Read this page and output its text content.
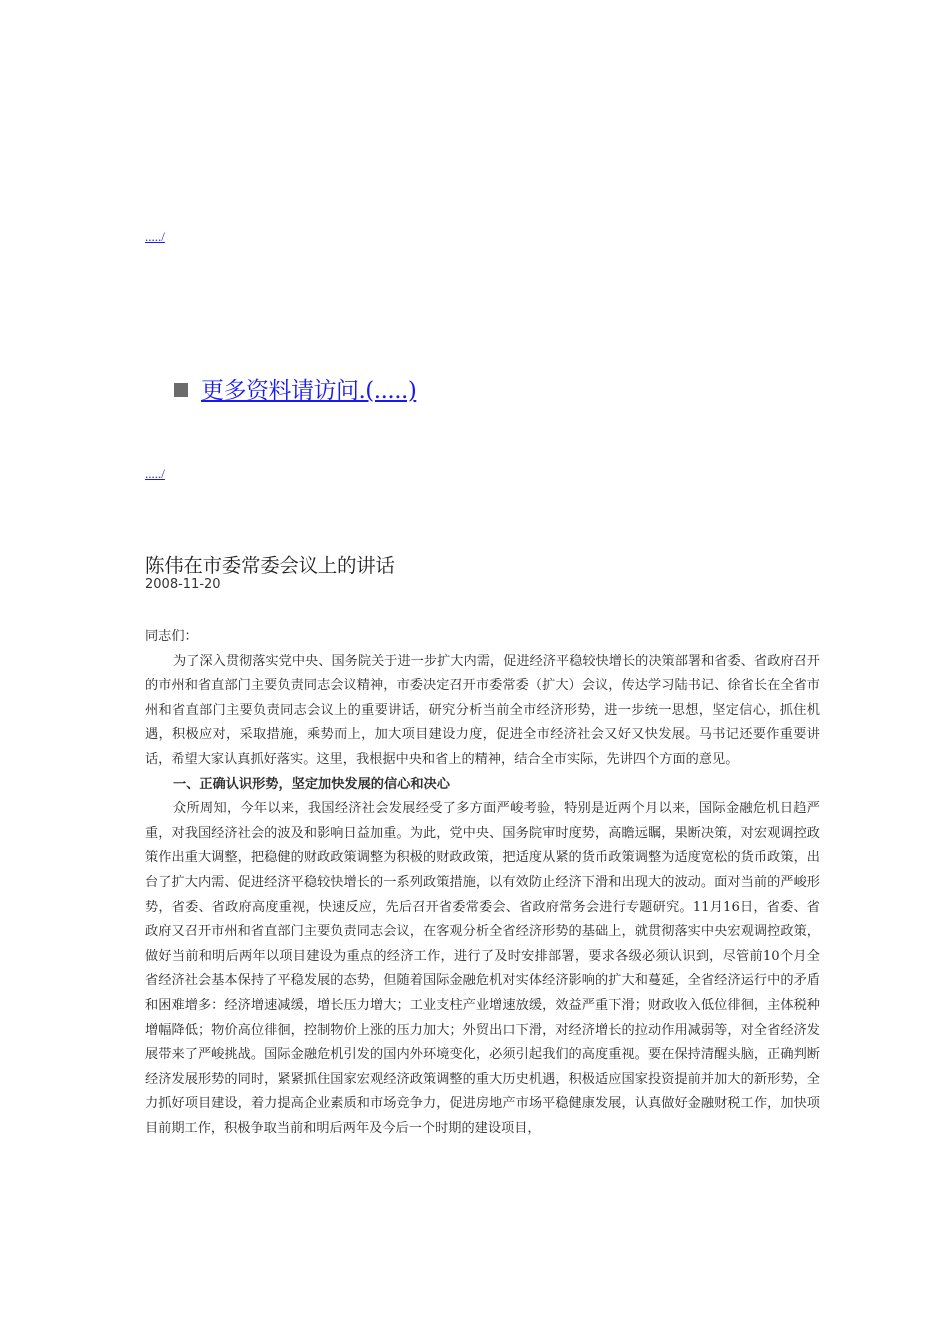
...../
更多资料请访问.(.....)
...../
陈伟在市委常委会议上的讲话
2008-11-20

同志们：

为了深入贯彻落实党中央、国务院关于进一步扩大内需，促进经济平稳较快增长的决策部署和省委、省政府召开的市州和省直部门主要负责同志会议精神，市委决定召开市委常委（扩大）会议，传达学习陆书记、徐省长在全省市州和省直部门主要负责同志会议上的重要讲话，研究分析当前全市经济形势，进一步统一思想，坚定信心，抓住机遇，积极应对，采取措施，乘势而上，加大项目建设力度，促进全市经济社会又好又快发展。马书记还要作重要讲话，希望大家认真抓好落实。这里，我根据中央和省上的精神，结合全市实际，先讲四个方面的意见。

一、正确认识形势，坚定加快发展的信心和决心

众所周知，今年以来，我国经济社会发展经受了多方面严峻考验，特别是近两个月以来，国际金融危机日趋严重，对我国经济社会的波及和影响日益加重。为此，党中央、国务院审时度势，高瞻远瞩，果断决策，对宏观调控政策作出重大调整，把稳健的财政政策调整为积极的财政政策，把适度从紧的货币政策调整为适度宽松的货币政策，出台了扩大内需、促进经济平稳较快增长的一系列政策措施，以有效防止经济下滑和出现大的波动。面对当前的严峻形势，省委、省政府高度重视，快速反应，先后召开省委常委会、省政府常务会进行专题研究。11月16日，省委、省政府又召开市州和省直部门主要负责同志会议，在客观分析全省经济形势的基础上，就贯彻落实中央宏观调控政策，做好当前和明后两年以项目建设为重点的经济工作，进行了及时安排部署，要求各级必须认识到，尽管前10个月全省经济社会基本保持了平稳发展的态势，但随着国际金融危机对实体经济影响的扩大和蔓延，全省经济运行中的矛盾和困难增多：经济增速减缓，增长压力增大；工业支柱产业增速放缓，效益严重下滑；财政收入低位徘徊，主体税种增幅降低；物价高位徘徊，控制物价上涨的压力加大；外贸出口下滑，对经济增长的拉动作用减弱等，对全省经济发展带来了严峻挑战。国际金融危机引发的国内外环境变化，必须引起我们的高度重视。要在保持清醒头脑，正确判断经济发展形势的同时，紧紧抓住国家宏观经济政策调整的重大历史机遇，积极适应国家投资提前并加大的新形势，全力抓好项目建设，着力提高企业素质和市场竞争力，促进房地产市场平稳健康发展，认真做好金融财税工作，加快项目前期工作，积极争取当前和明后两年及今后一个时期的建设项目，
